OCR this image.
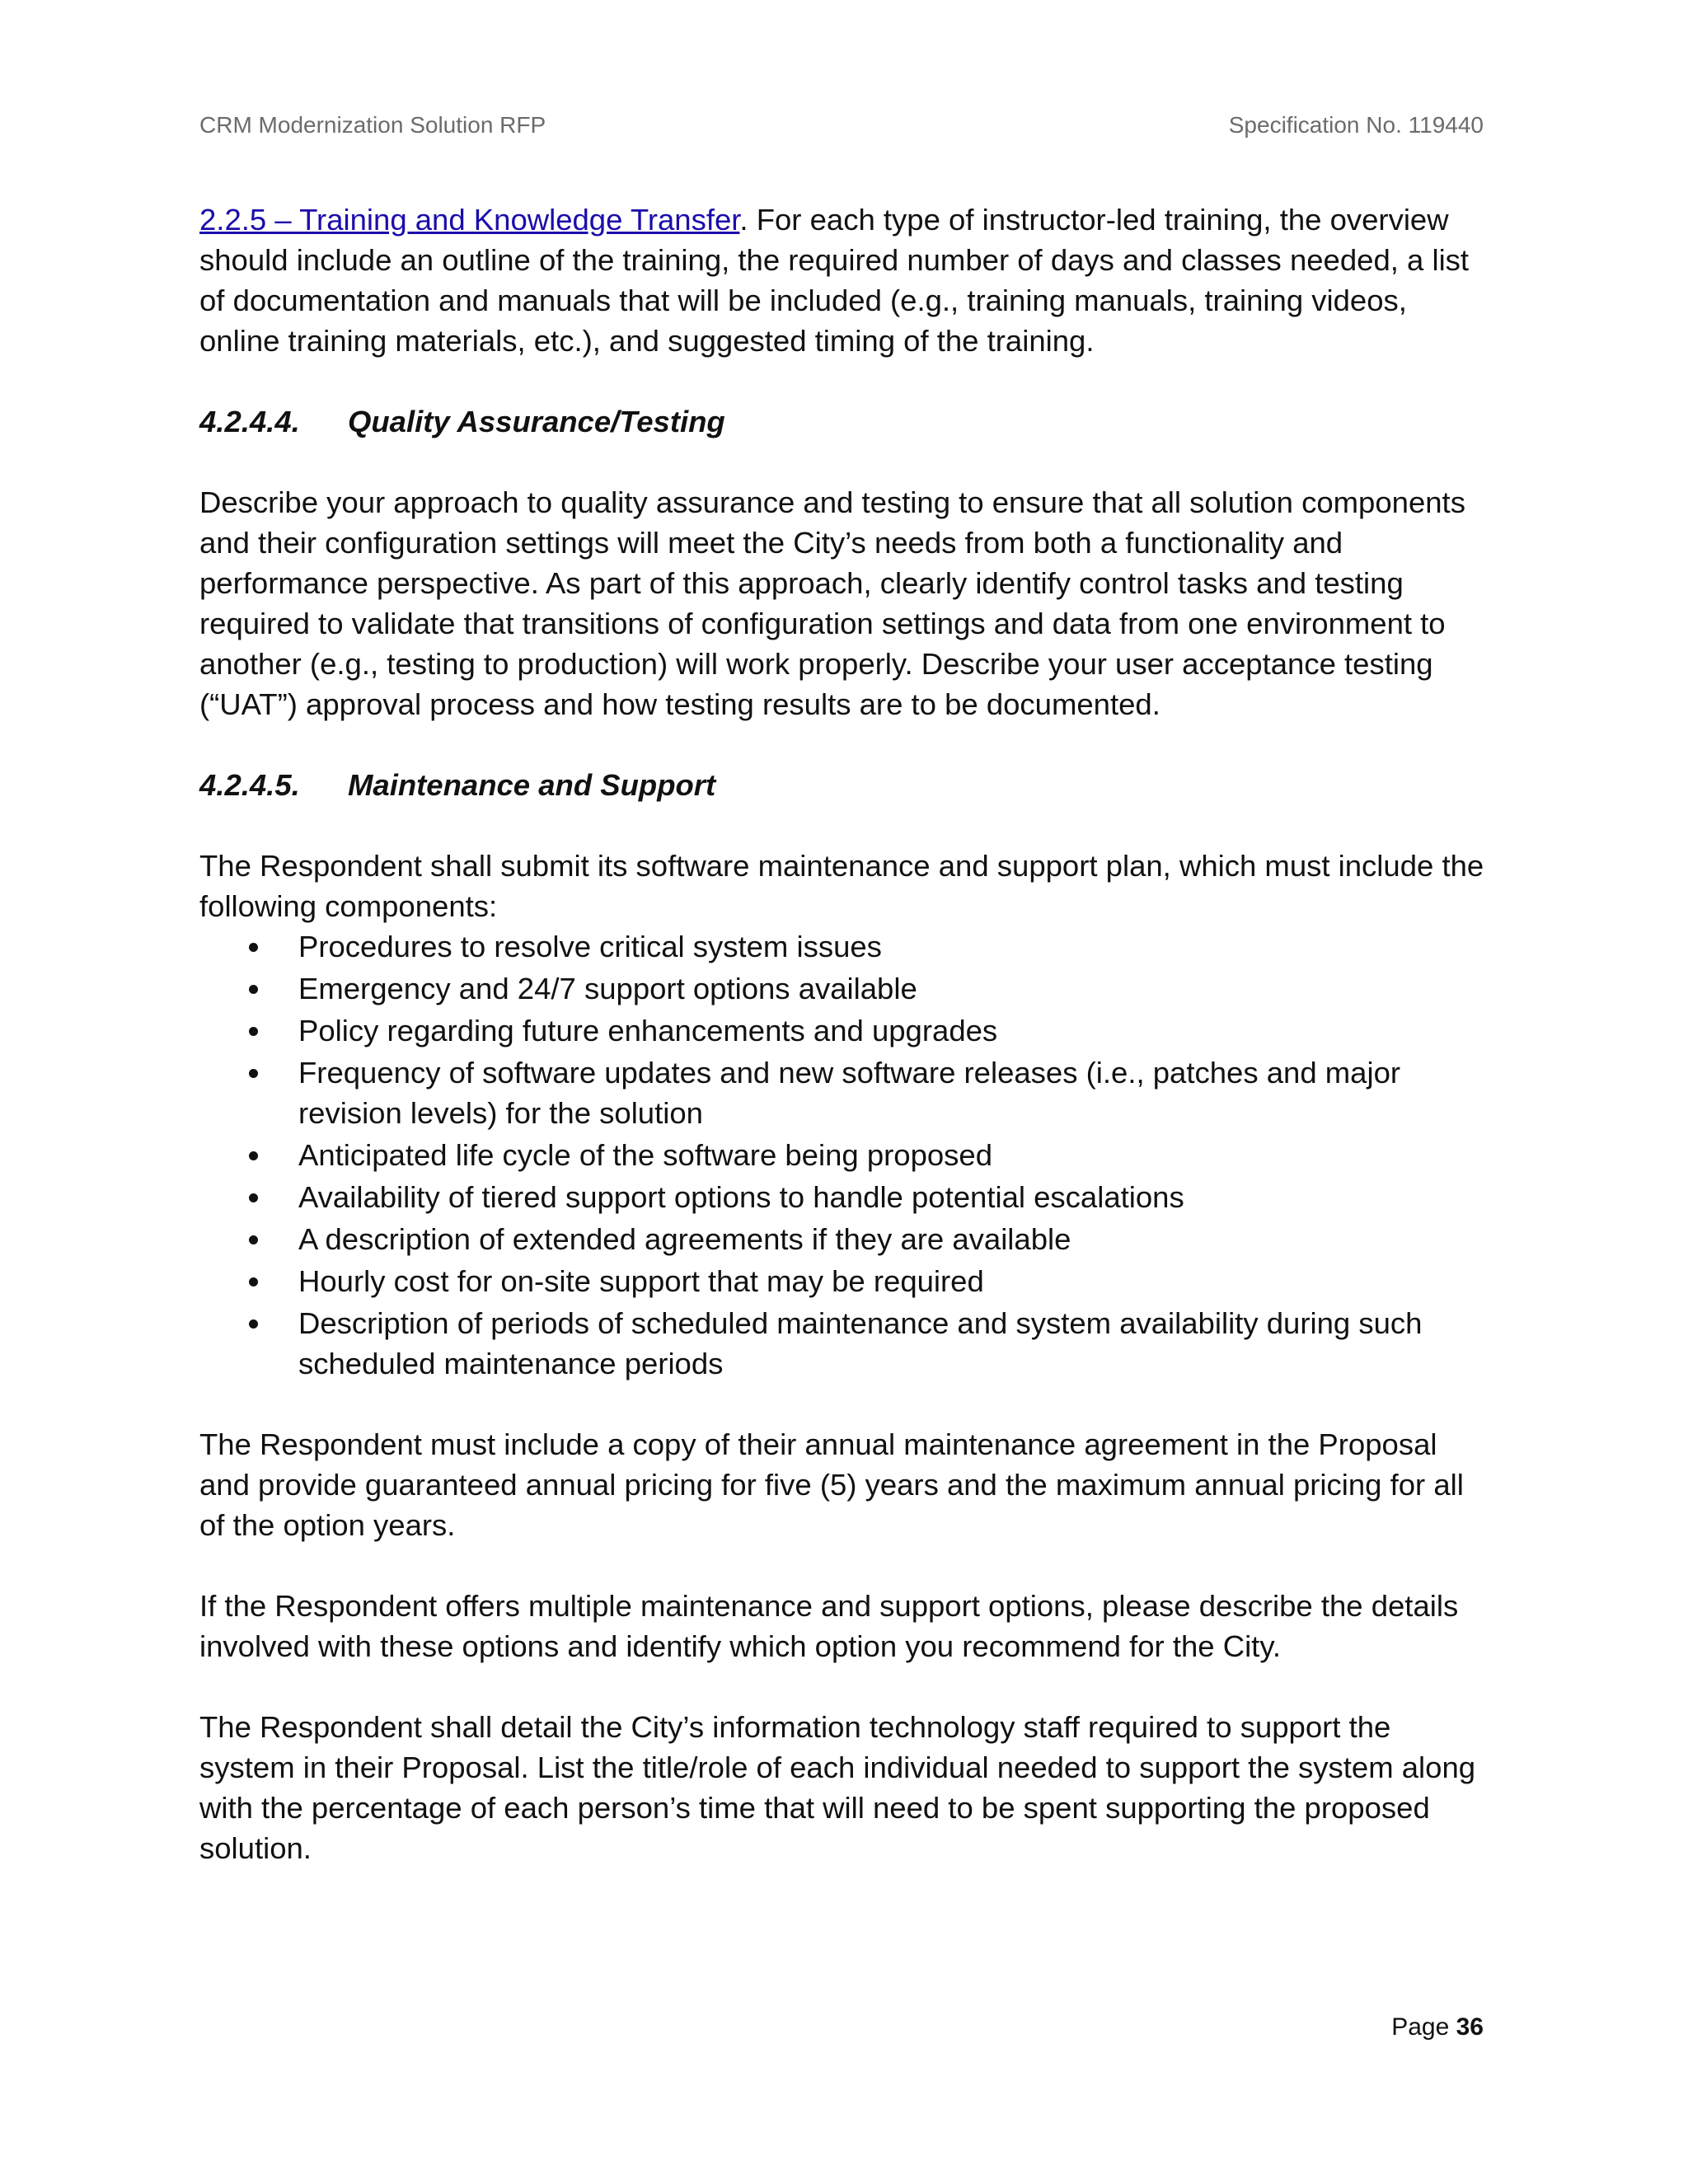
CRM Modernization Solution RFP	Specification No. 119440

2.2.5 – Training and Knowledge Transfer. For each type of instructor-led training, the overview should include an outline of the training, the required number of days and classes needed, a list of documentation and manuals that will be included (e.g., training manuals, training videos, online training materials, etc.), and suggested timing of the training.

4.2.4.4.	Quality Assurance/Testing

Describe your approach to quality assurance and testing to ensure that all solution components and their configuration settings will meet the City’s needs from both a functionality and performance perspective. As part of this approach, clearly identify control tasks and testing required to validate that transitions of configuration settings and data from one environment to another (e.g., testing to production) will work properly. Describe your user acceptance testing (“UAT”) approval process and how testing results are to be documented.

4.2.4.5.	Maintenance and Support

The Respondent shall submit its software maintenance and support plan, which must include the following components:

Procedures to resolve critical system issues
Emergency and 24/7 support options available
Policy regarding future enhancements and upgrades
Frequency of software updates and new software releases (i.e., patches and major revision levels) for the solution
Anticipated life cycle of the software being proposed
Availability of tiered support options to handle potential escalations
A description of extended agreements if they are available
Hourly cost for on-site support that may be required
Description of periods of scheduled maintenance and system availability during such scheduled maintenance periods

The Respondent must include a copy of their annual maintenance agreement in the Proposal and provide guaranteed annual pricing for five (5) years and the maximum annual pricing for all of the option years.

If the Respondent offers multiple maintenance and support options, please describe the details involved with these options and identify which option you recommend for the City.

The Respondent shall detail the City’s information technology staff required to support the system in their Proposal. List the title/role of each individual needed to support the system along with the percentage of each person’s time that will need to be spent supporting the proposed solution.

Page 36
